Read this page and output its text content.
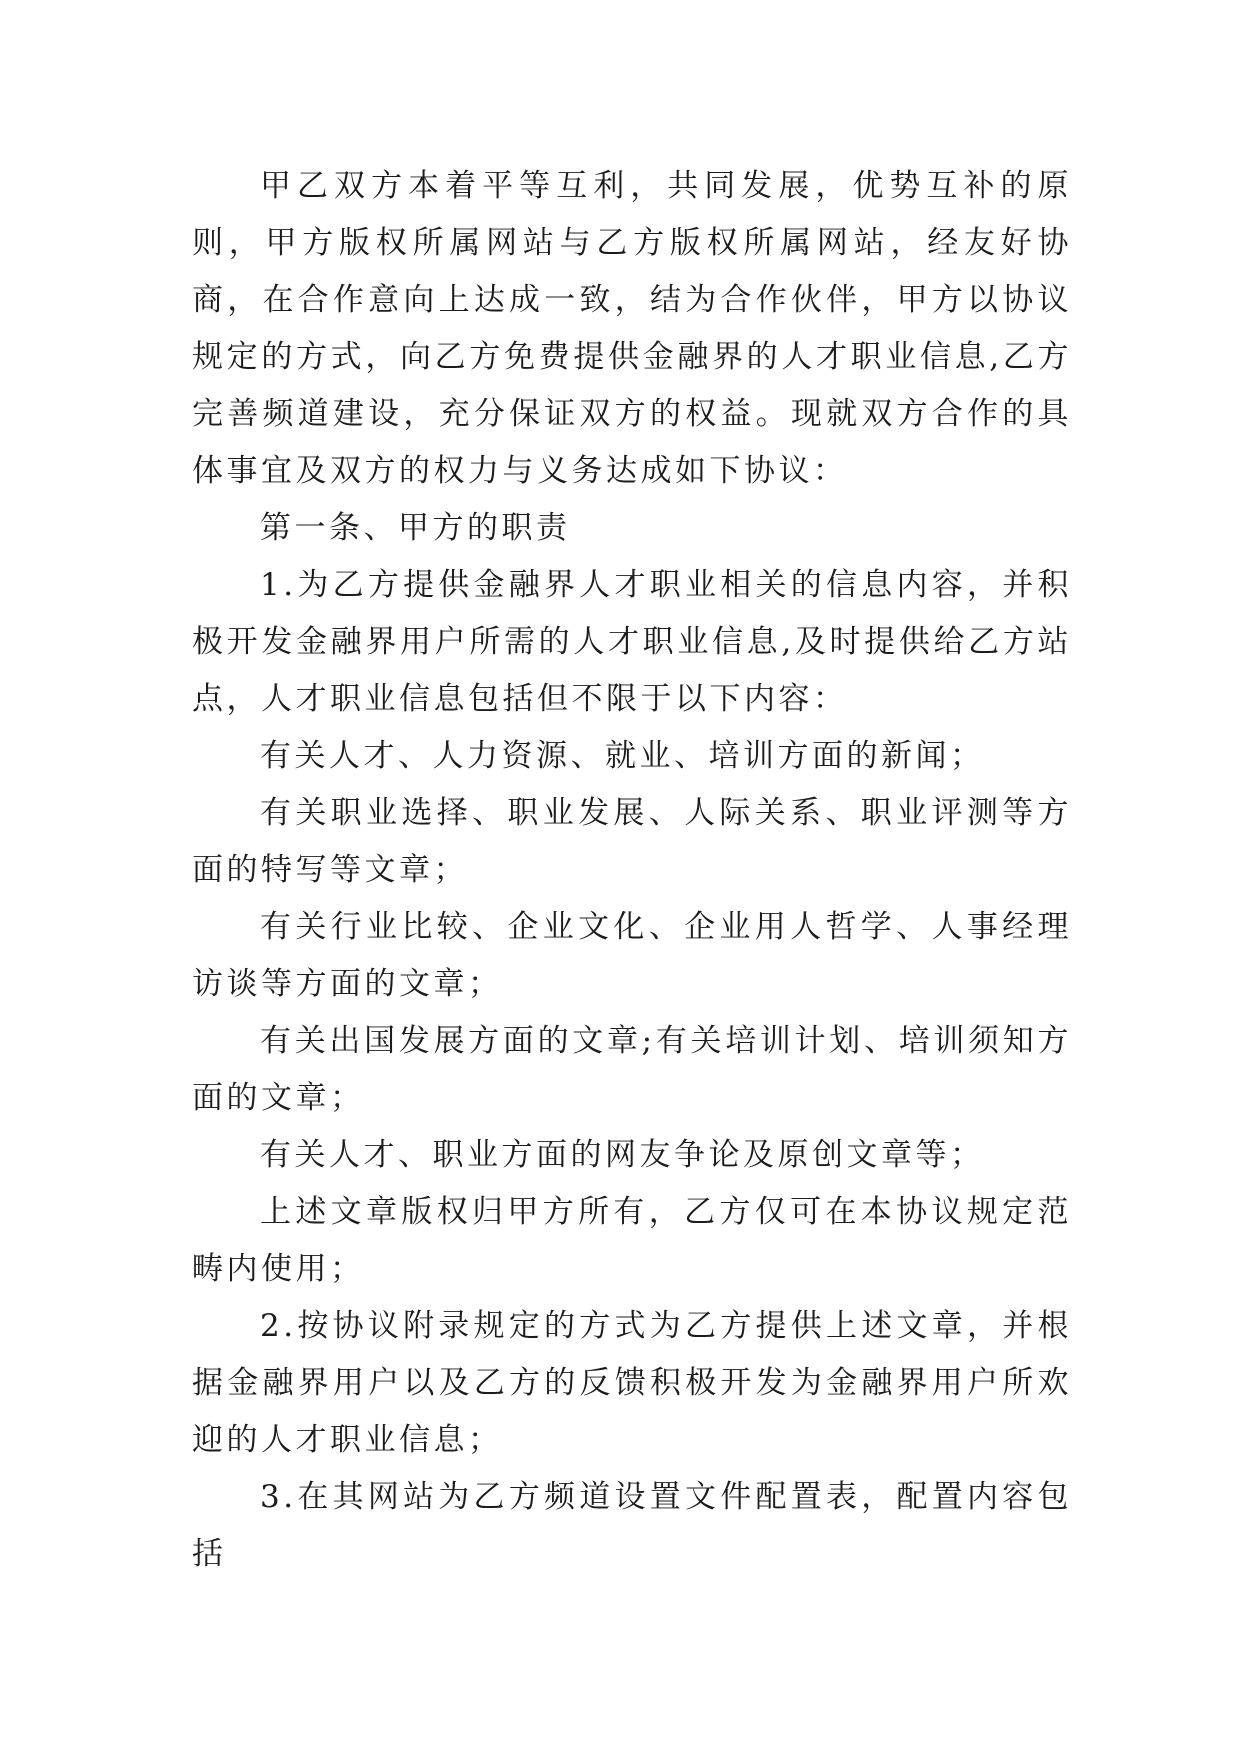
甲乙双方本着平等互利，共同发展，优势互补的原则，甲方版权所属网站与乙方版权所属网站，经友好协商，在合作意向上达成一致，结为合作伙伴，甲方以协议规定的方式，向乙方免费提供金融界的人才职业信息,乙方完善频道建设，充分保证双方的权益。现就双方合作的具体事宜及双方的权力与义务达成如下协议：

第一条、甲方的职责

1.为乙方提供金融界人才职业相关的信息内容，并积极开发金融界用户所需的人才职业信息,及时提供给乙方站点，人才职业信息包括但不限于以下内容：

有关人才、人力资源、就业、培训方面的新闻；

有关职业选择、职业发展、人际关系、职业评测等方面的特写等文章；

有关行业比较、企业文化、企业用人哲学、人事经理访谈等方面的文章；

有关出国发展方面的文章;有关培训计划、培训须知方面的文章；

有关人才、职业方面的网友争论及原创文章等；

上述文章版权归甲方所有，乙方仅可在本协议规定范畴内使用；

2.按协议附录规定的方式为乙方提供上述文章，并根据金融界用户以及乙方的反馈积极开发为金融界用户所欢迎的人才职业信息；

3.在其网站为乙方频道设置文件配置表，配置内容包括
